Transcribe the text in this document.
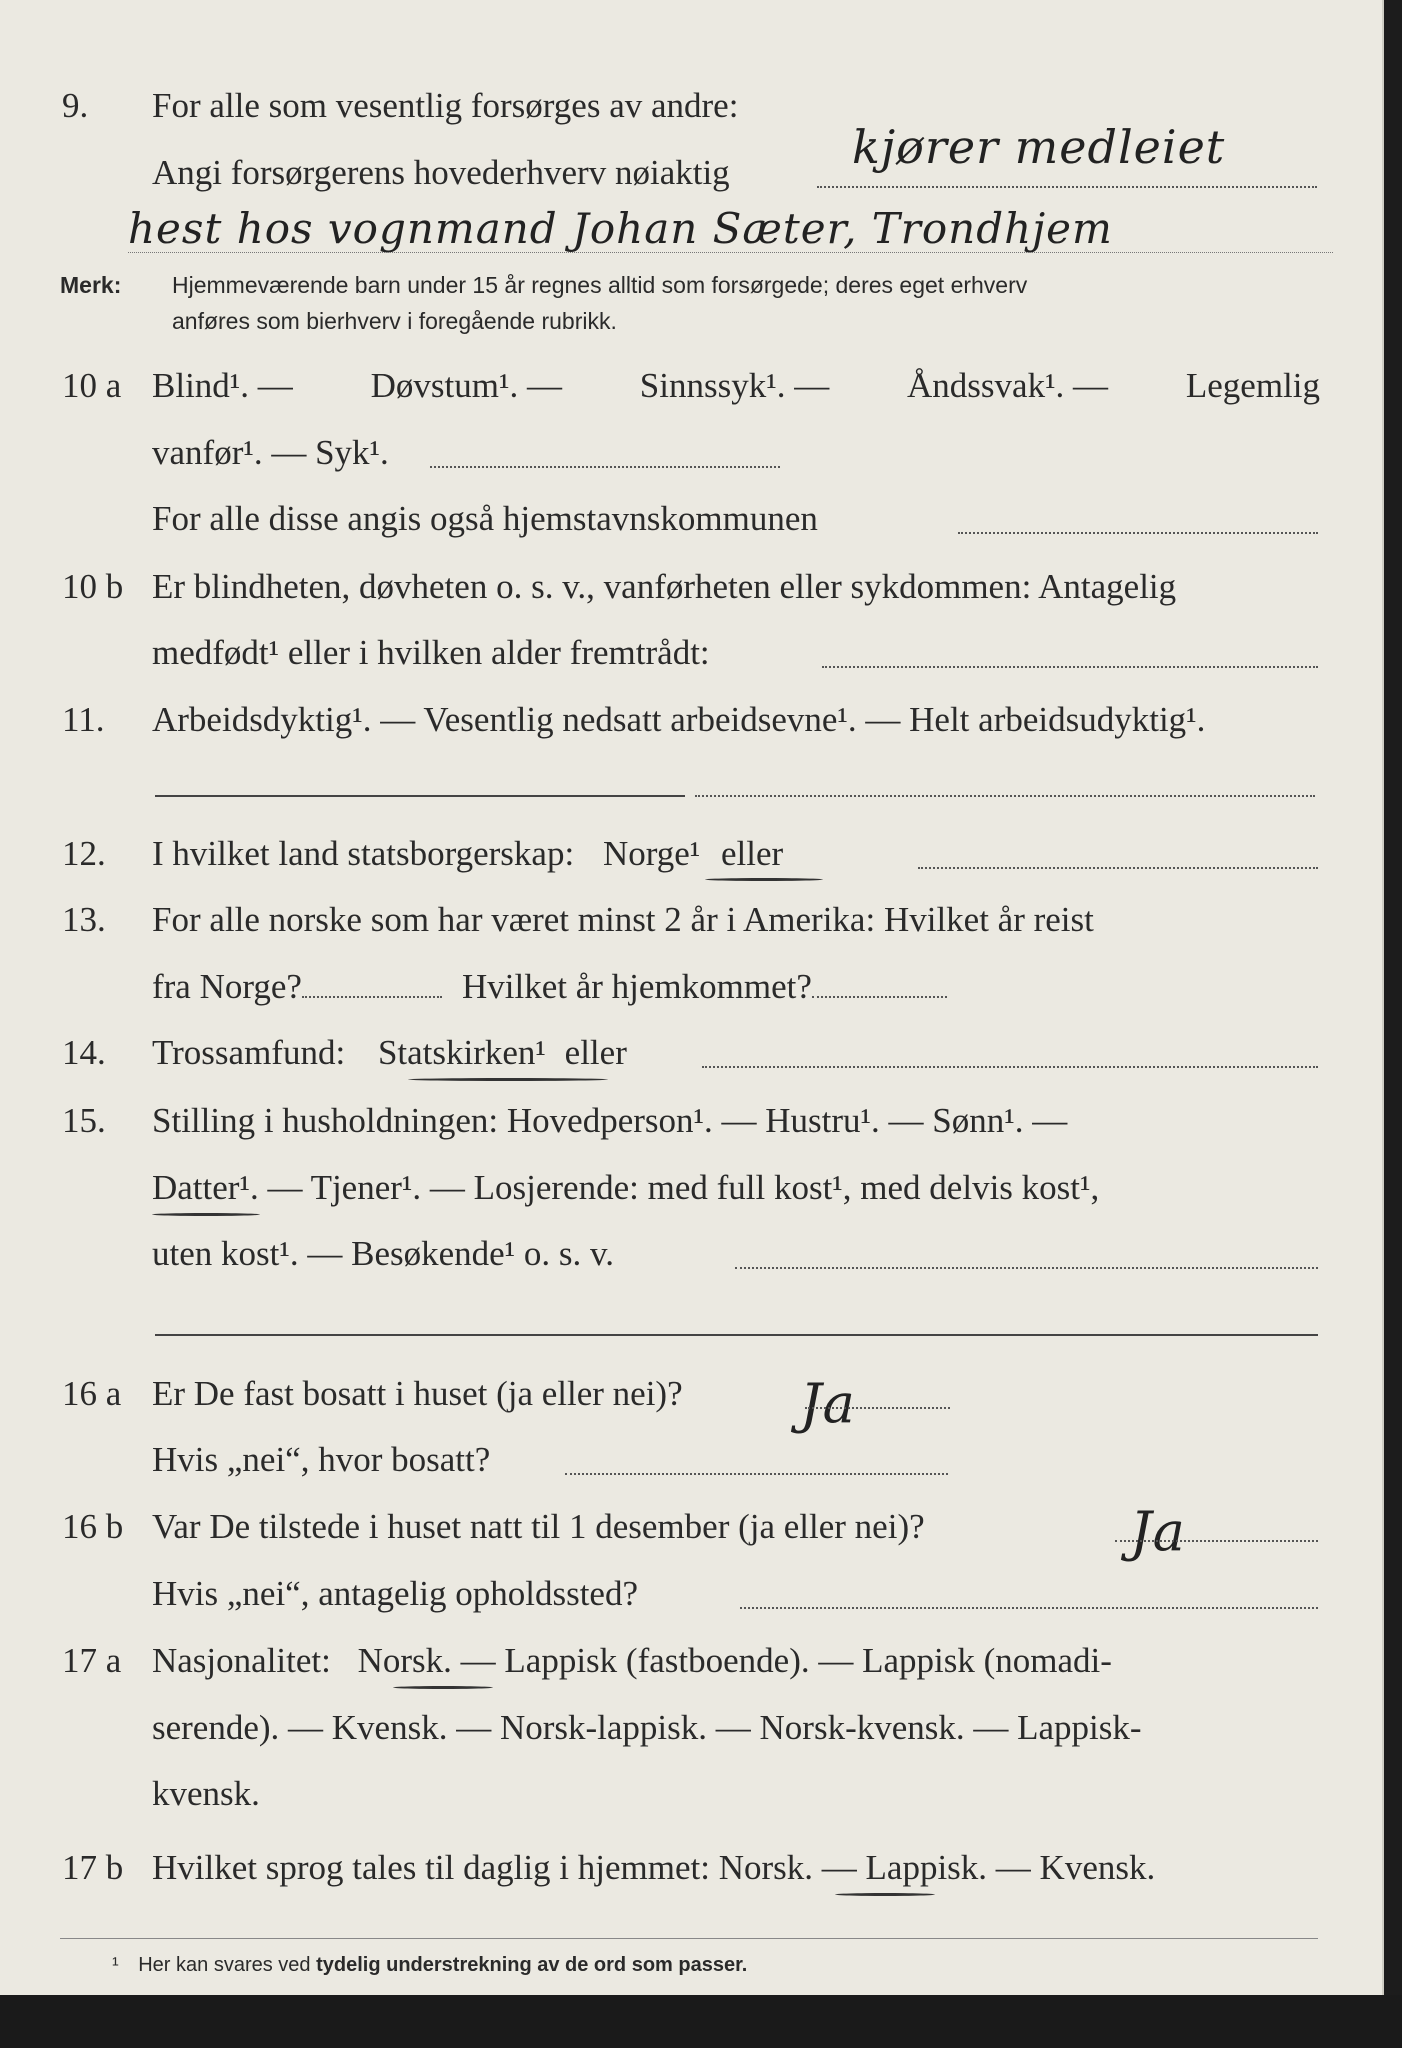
9. For alle som vesentlig forsørges av andre:
Angi forsørgerens hovederhverv nøiaktig	kjører medleiet
hest hos vognmand Johan Sæter, Trondhjem
Merk: Hjemmeværende barn under 15 år regnes alltid som forsørgede; deres eget erhverv
anføres som bierhverv i foregående rubrikk.
10 a Blind¹. — Døvstum¹. — Sinnssyk¹. — Åndssvak¹. — Legemlig
vanfør¹. — Syk¹.
For alle disse angis også hjemstavnskommunen
10 b Er blindheten, døvheten o. s. v., vanførheten eller sykdommen: Antagelig
medfødt¹ eller i hvilken alder fremtrådt:
11. Arbeidsdyktig¹. — Vesentlig nedsatt arbeidsevne¹. — Helt arbeidsudyktig¹.
12. I hvilket land statsborgerskap: Norge¹ eller
13. For alle norske som har været minst 2 år i Amerika: Hvilket år reist
fra Norge?	Hvilket år hjemkommet?
14. Trossamfund: Statskirken¹ eller
15. Stilling i husholdningen: Hovedperson¹. — Hustru¹. — Sønn¹. —
Datter¹. — Tjener¹. — Losjerende: med full kost¹, med delvis kost¹,
uten kost¹. — Besøkende¹ o. s. v.
16 a Er De fast bosatt i huset (ja eller nei)? Ja
Hvis „nei“, hvor bosatt?
16 b Var De tilstede i huset natt til 1 desember (ja eller nei)?	Ja
Hvis „nei“, antagelig opholdssted?
17 a Nasjonalitet: Norsk. — Lappisk (fastboende). — Lappisk (nomadi-
serende). — Kvensk. — Norsk-lappisk. — Norsk-kvensk. — Lappisk-
kvensk.
17 b Hvilket sprog tales til daglig i hjemmet: Norsk. — Lappisk. — Kvensk.
¹ Her kan svares ved tydelig understrekning av de ord som passer.
